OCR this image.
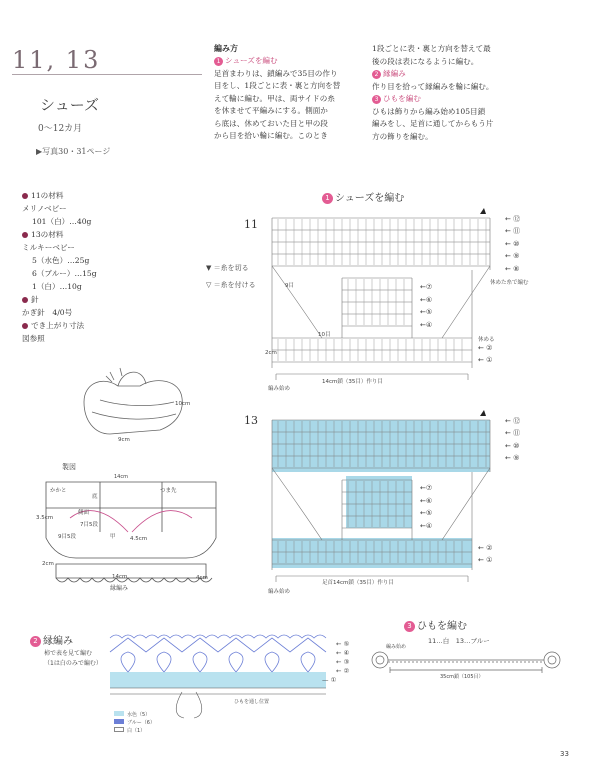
11, 13
シューズ
0～12カ月
▶写真30・31ページ
編み方
1 シューズを編む
足首まわりは、鎖編みで35目の作り
目をし、1段ごとに表・裏と方向を替
えて輪に編む。甲は、両サイドの糸
を休ませて平編みにする。側面か
ら底は、休めておいた目と甲の段
から目を拾い輪に編む。このとき
1段ごとに表・裏と方向を替えて最
後の段は表になるように編む。
2 縁編み
作り目を拾って縁編みを輪に編む。
3 ひもを編む
ひもは飾りから編み始め105目鎖
編みをし、足首に通してからもう片
方の飾りを編む。
11の材料
メリノベビー
101（白）…40g
13の材料
ミルキーベビー
5（水色）…25g
6（ブルー）…15g
1（白）…10g
針
かぎ針　4/0号
でき上がり寸法
図参照
1 シューズを編む
11
▼ ＝糸を切る
▽ ＝糸を付ける
← ⑫
← ⑪
← ⑩
← ⑨
← ⑧
←⑦
←⑥
←⑤
←④
← ②
← ①
休めた糸で編む
休める
9目
10目
2cm
14cm鎖（35目）作り目
編み始め
13	← ⑫
← ⑪
← ⑩
← ⑨
←⑦
←⑥
←⑤
←④
← ②
← ①
足首14cm鎖（35目）作り目
編み始め
10cm
9cm
製図
14cm
かかと	つま先
底
側面
3.5cm
7目5段
9目5段	4.5cm
甲
2cm
4cm
14cm
縁編み
2 縁編み
柿で表を見て編む
（1は白のみで編む）
← ⑤
← ④
← ③
← ②
— ①
ひもを通し位置
水色（5）
ブルー（6）
白（1）
3 ひもを編む
11…白　13…ブルー
編み始め
35cm鎖（105目）
33
